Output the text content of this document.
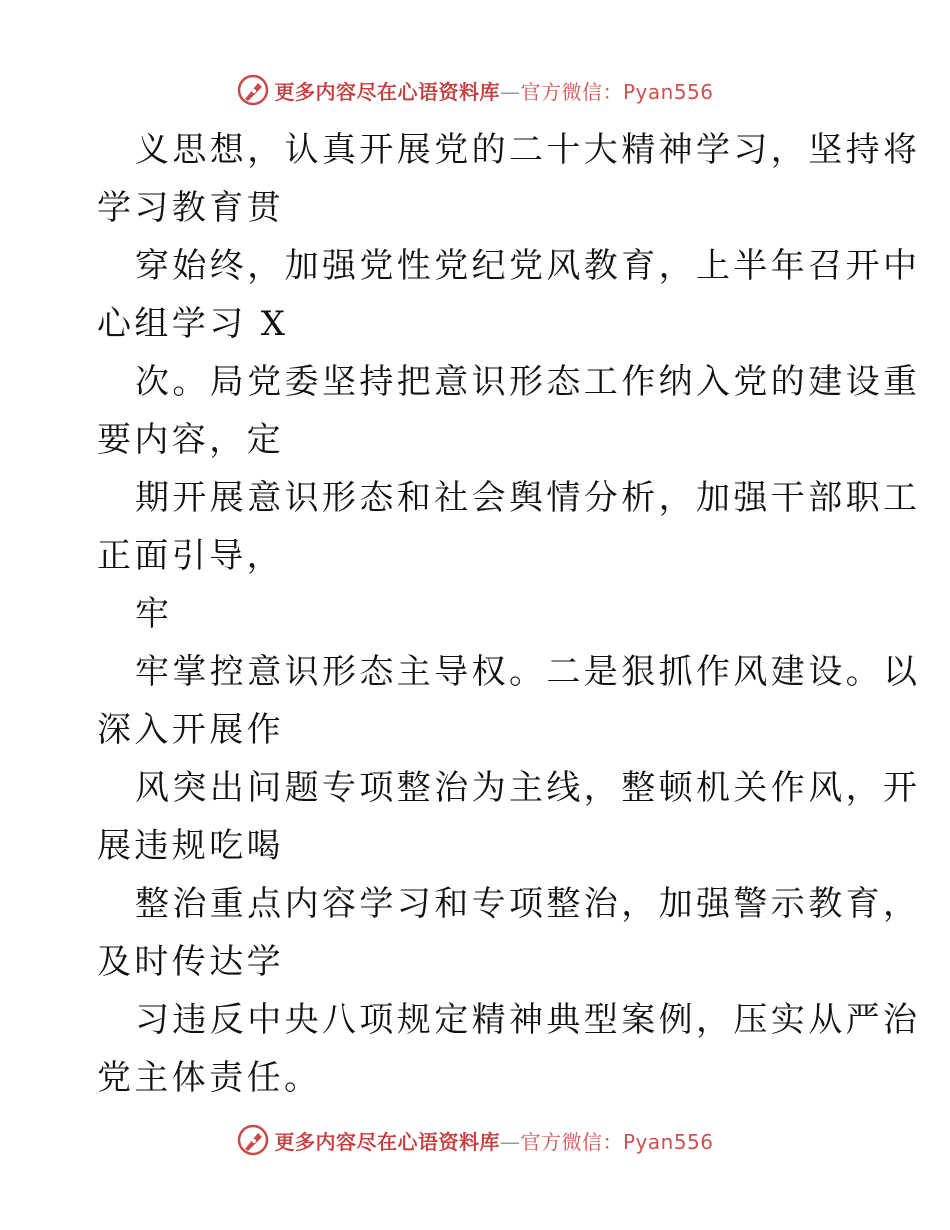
更多内容尽在心语资料库—官方微信：Pyan556
义思想，认真开展党的二十大精神学习，坚持将
学习教育贯
穿始终，加强党性党纪党风教育，上半年召开中
心组学习 X
次。局党委坚持把意识形态工作纳入党的建设重
要内容，定
期开展意识形态和社会舆情分析，加强干部职工
正面引导，
牢
牢掌控意识形态主导权。二是狠抓作风建设。以
深入开展作
风突出问题专项整治为主线，整顿机关作风，开
展违规吃喝
整治重点内容学习和专项整治，加强警示教育，
及时传达学
习违反中央八项规定精神典型案例，压实从严治
党主体责任。
更多内容尽在心语资料库—官方微信：Pyan556
